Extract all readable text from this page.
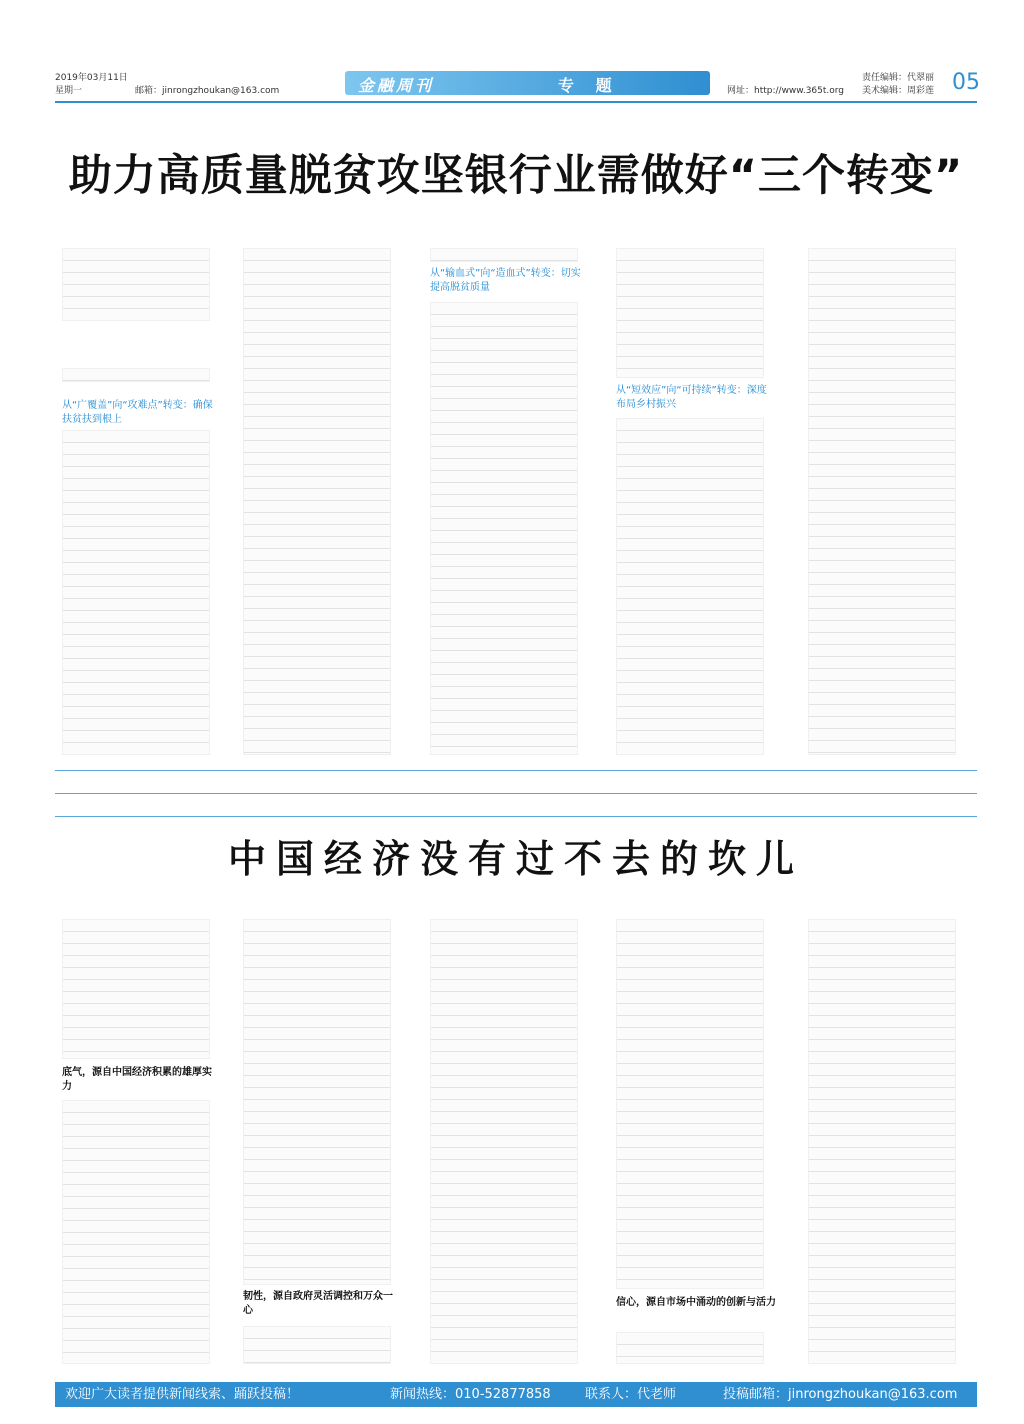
2019年03月11日
星期一	邮箱：jinrongzhoukan@163.com	金融周刊	专 题	网址：http://www.365t.org
责任编辑：代翠丽
美术编辑：周彩莲 05
助力高质量脱贫攻坚银行业需做好“三个转变”
从“广覆盖”向“攻难点”转变：确保扶贫扶到根上
从“输血式”向“造血式”转变：切实提高脱贫质量
从“短效应”向“可持续”转变：深度布局乡村振兴
中国经济没有过不去的坎儿
底气，源自中国经济积累的雄厚实力
韧性，源自政府灵活调控和万众一心
信心，源自市场中涌动的创新与活力
欢迎广大读者提供新闻线索、踊跃投稿！	新闻热线：010-52877858	联系人：代老师	投稿邮箱：jinrongzhoukan@163.com
